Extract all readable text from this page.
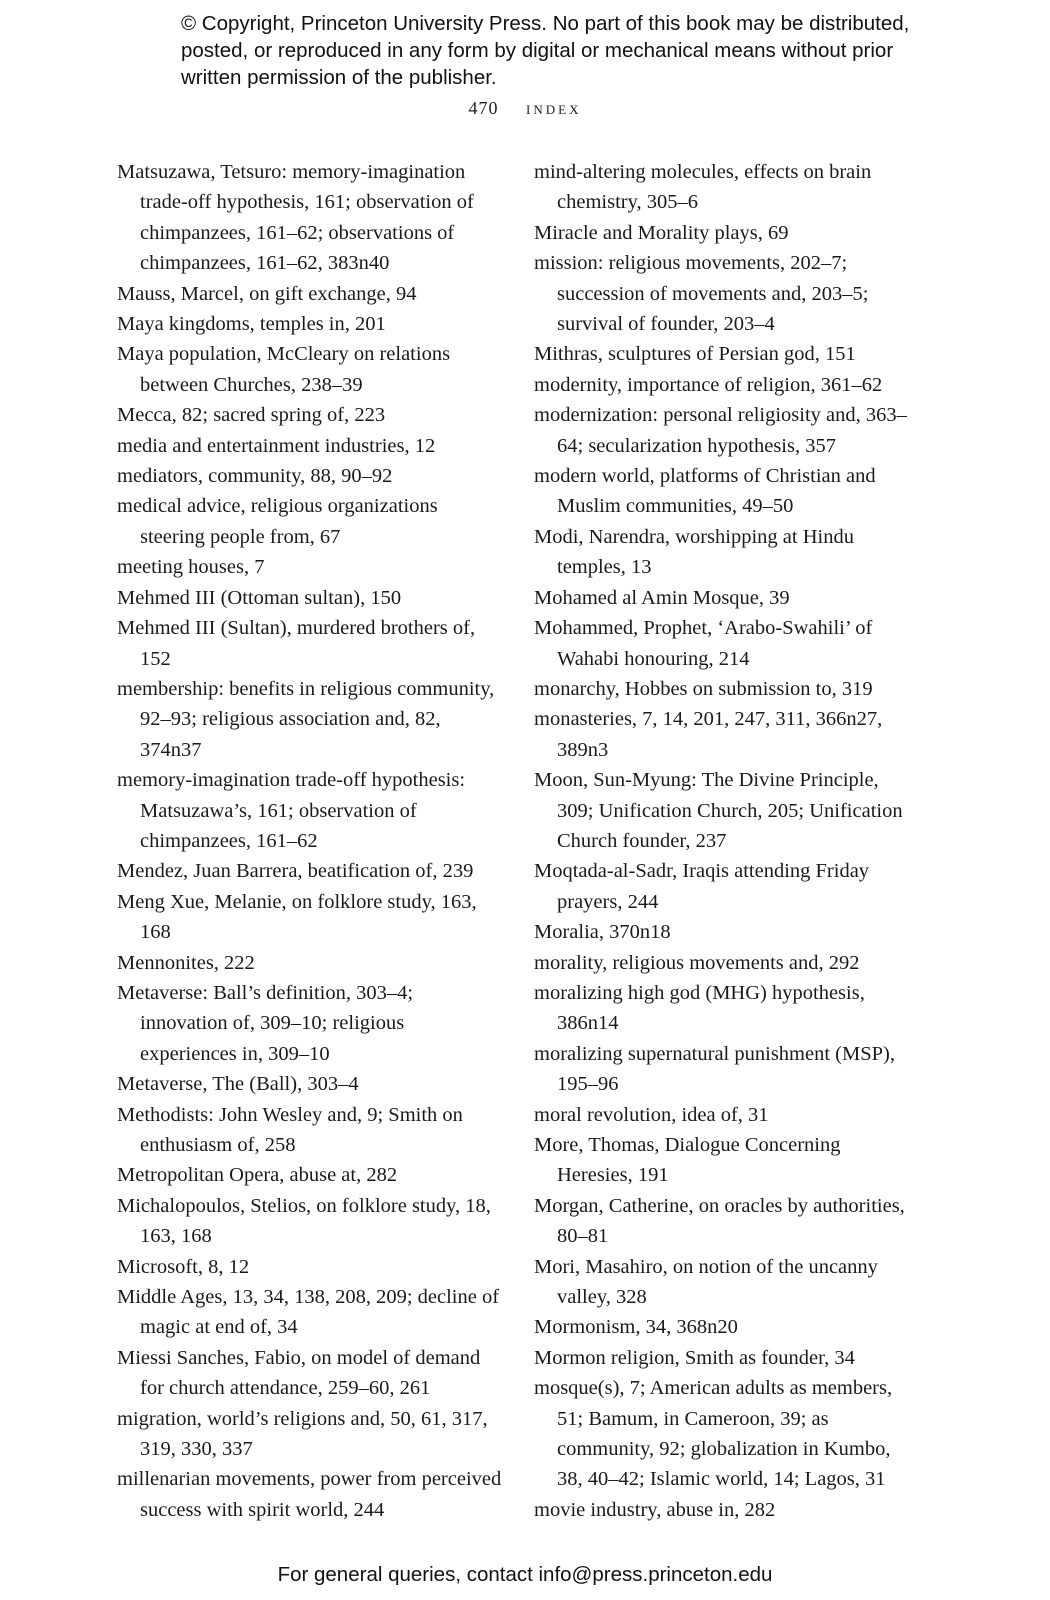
© Copyright, Princeton University Press. No part of this book may be distributed, posted, or reproduced in any form by digital or mechanical means without prior written permission of the publisher.
470 index

Matsuzawa, Tetsuro: memory-imagination trade-off hypothesis, 161; observation of chimpanzees, 161–62; observations of chimpanzees, 161–62, 383n40

Mauss, Marcel, on gift exchange, 94

Maya kingdoms, temples in, 201

Maya population, McCleary on relations between Churches, 238–39

Mecca, 82; sacred spring of, 223

media and entertainment industries, 12

mediators, community, 88, 90–92

medical advice, religious organizations steering people from, 67

meeting houses, 7

Mehmed III (Ottoman sultan), 150

Mehmed III (Sultan), murdered brothers of, 152

membership: benefits in religious community, 92–93; religious association and, 82, 374n37

memory-imagination trade-off hypothesis: Matsuzawa’s, 161; observation of chimpanzees, 161–62

Mendez, Juan Barrera, beatification of, 239

Meng Xue, Melanie, on folklore study, 163, 168

Mennonites, 222

Metaverse: Ball’s definition, 303–4; innovation of, 309–10; religious experiences in, 309–10

Metaverse, The (Ball), 303–4

Methodists: John Wesley and, 9; Smith on enthusiasm of, 258

Metropolitan Opera, abuse at, 282

Michalopoulos, Stelios, on folklore study, 18, 163, 168

Microsoft, 8, 12

Middle Ages, 13, 34, 138, 208, 209; decline of magic at end of, 34

Miessi Sanches, Fabio, on model of demand for church attendance, 259–60, 261

migration, world’s religions and, 50, 61, 317, 319, 330, 337

millenarian movements, power from perceived success with spirit world, 244

mind-altering molecules, effects on brain chemistry, 305–6

Miracle and Morality plays, 69

mission: religious movements, 202–7; succession of movements and, 203–5; survival of founder, 203–4

Mithras, sculptures of Persian god, 151

modernity, importance of religion, 361–62

modernization: personal religiosity and, 363–64; secularization hypothesis, 357

modern world, platforms of Christian and Muslim communities, 49–50

Modi, Narendra, worshipping at Hindu temples, 13

Mohamed al Amin Mosque, 39

Mohammed, Prophet, ‘Arabo-Swahili’ of Wahabi honouring, 214

monarchy, Hobbes on submission to, 319

monasteries, 7, 14, 201, 247, 311, 366n27, 389n3

Moon, Sun-Myung: The Divine Principle, 309; Unification Church, 205; Unification Church founder, 237

Moqtada-al-Sadr, Iraqis attending Friday prayers, 244

Moralia, 370n18

morality, religious movements and, 292

moralizing high god (MHG) hypothesis, 386n14

moralizing supernatural punishment (MSP), 195–96

moral revolution, idea of, 31

More, Thomas, Dialogue Concerning Heresies, 191

Morgan, Catherine, on oracles by authorities, 80–81

Mori, Masahiro, on notion of the uncanny valley, 328

Mormonism, 34, 368n20

Mormon religion, Smith as founder, 34

mosque(s), 7; American adults as members, 51; Bamum, in Cameroon, 39; as community, 92; globalization in Kumbo, 38, 40–42; Islamic world, 14; Lagos, 31

movie industry, abuse in, 282

For general queries, contact info@press.princeton.edu
